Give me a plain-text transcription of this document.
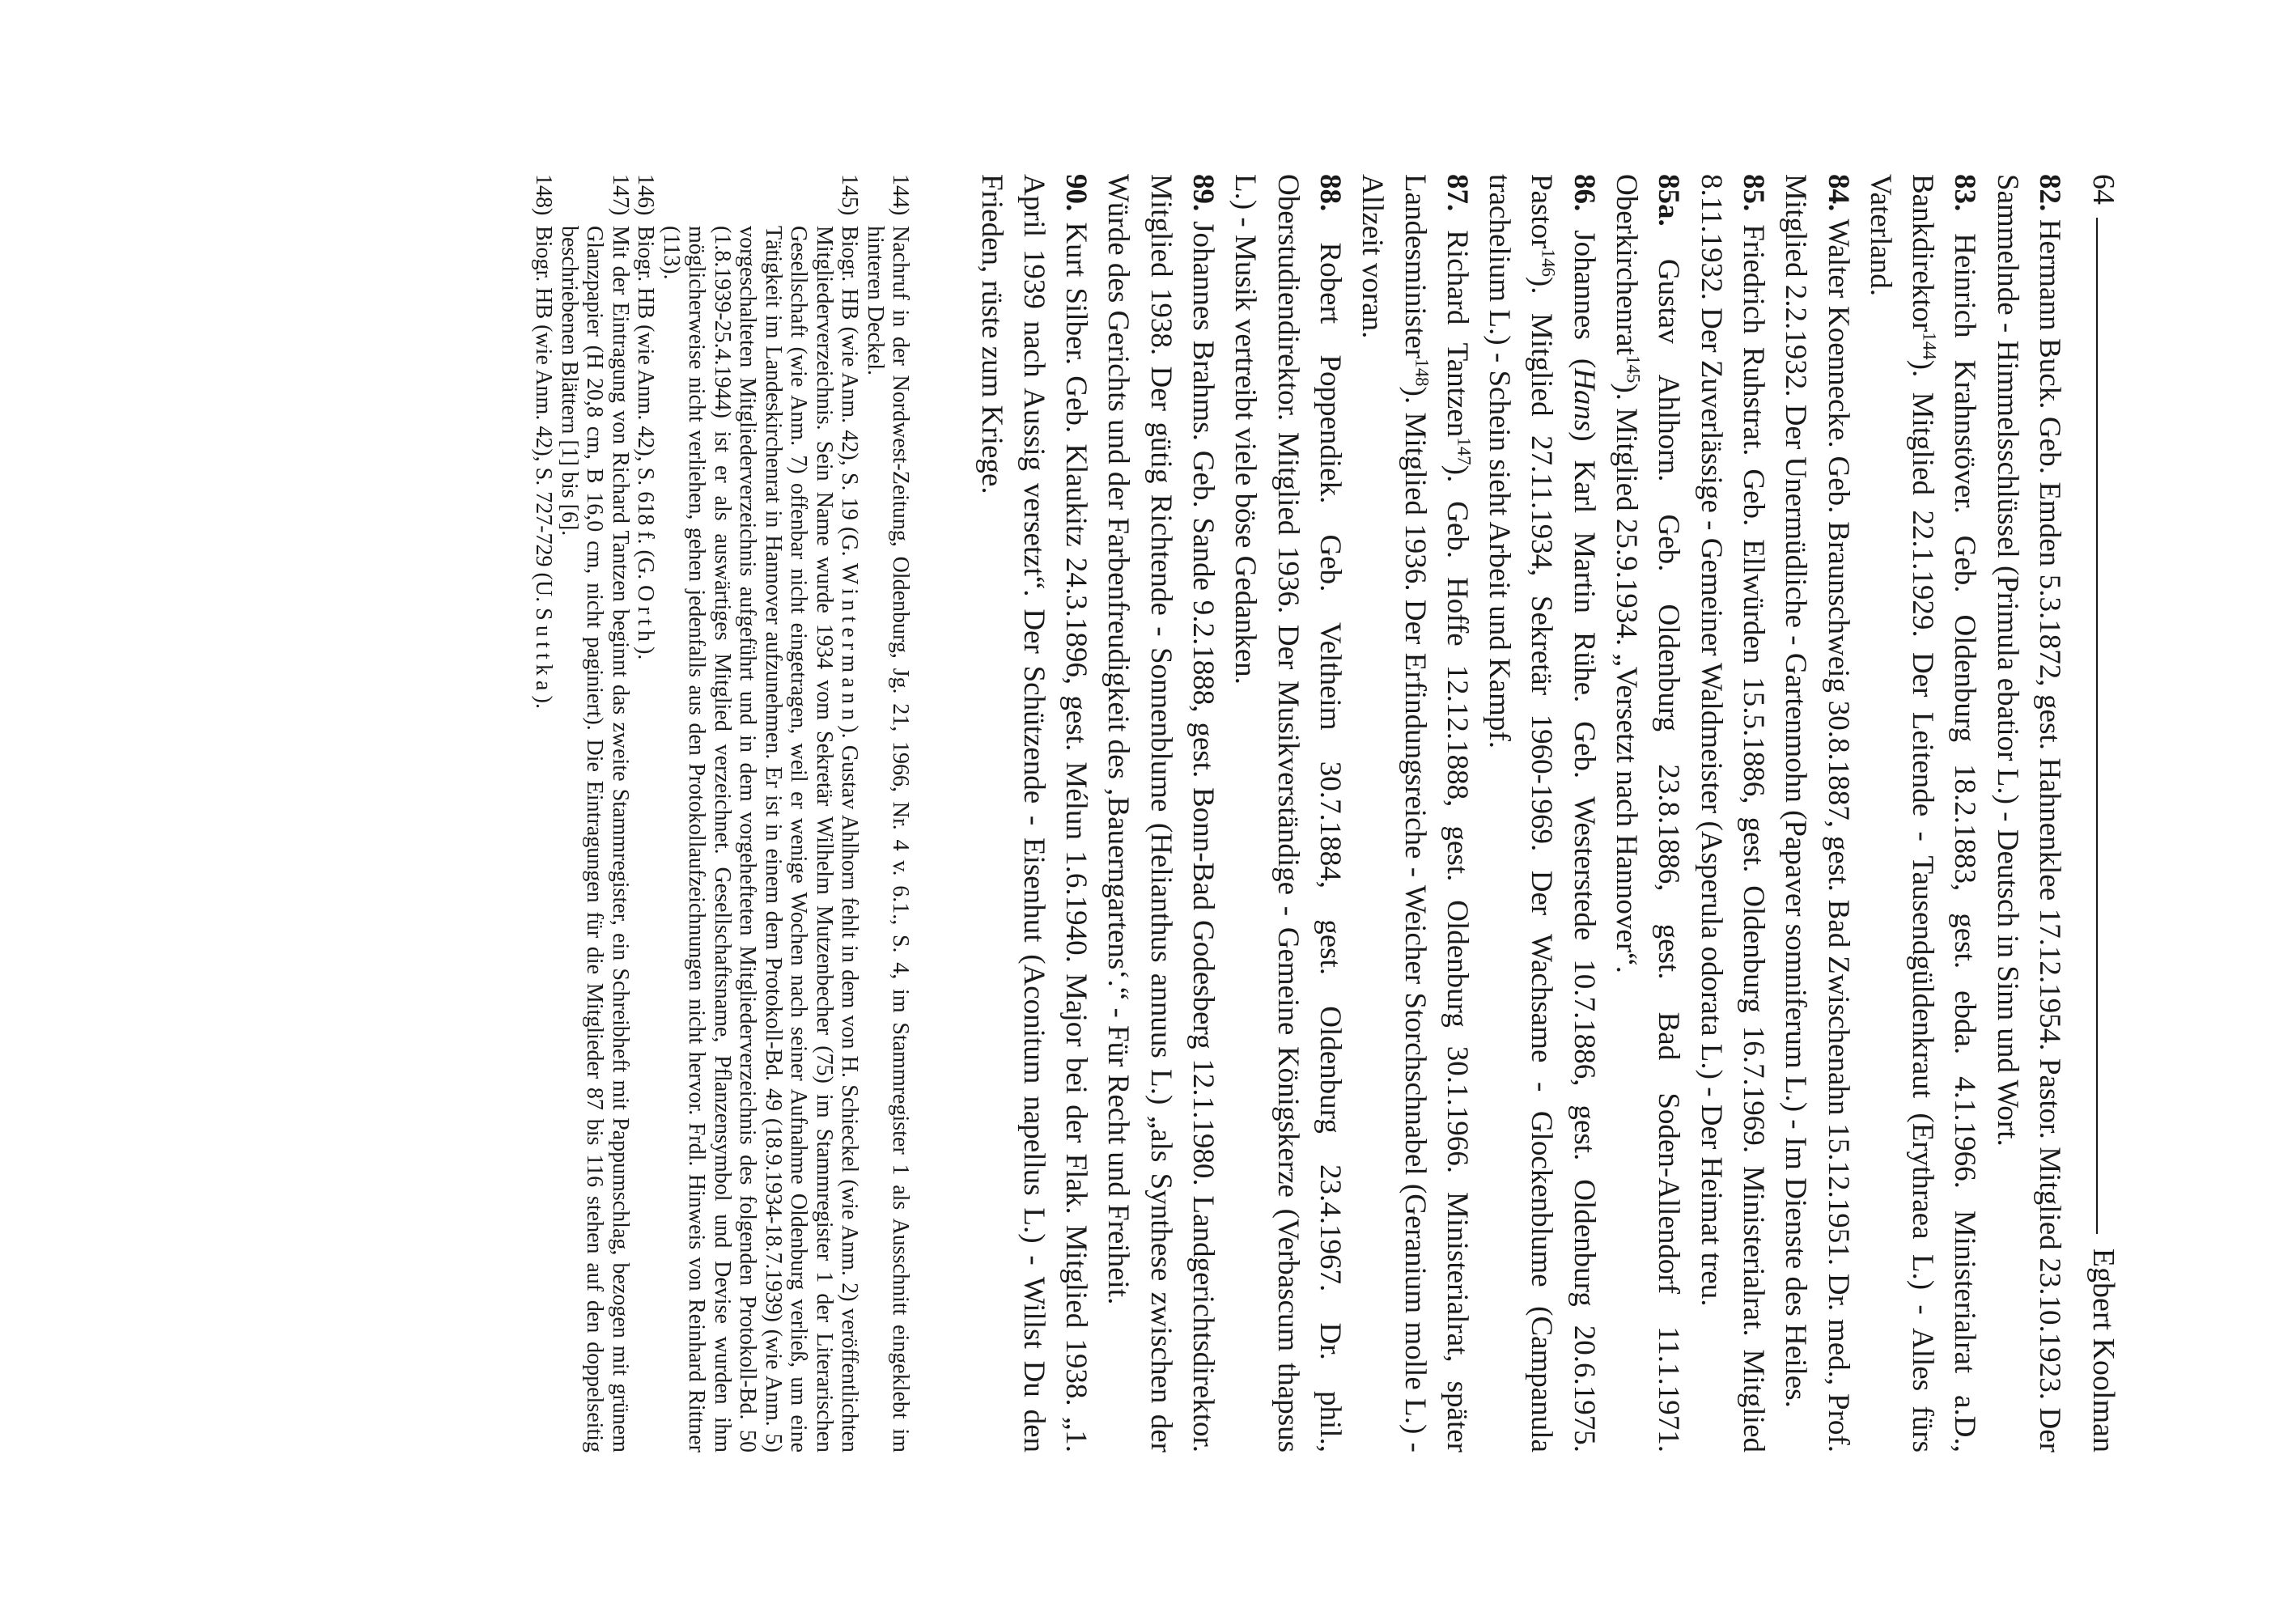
64
Egbert Koolman

82. Hermann Buck. Geb. Emden 5.3.1872, gest. Hahnenklee 17.12.1954. Pastor. Mitglied 23.10.1923. Der Sammelnde - Himmelsschlüssel (Primula ebatior L.) - Deutsch in Sinn und Wort.

83. Heinrich Krahnstöver. Geb. Oldenburg 18.2.1883, gest. ebda. 4.1.1966. Ministerialrat a.D., Bankdirektor$^{144}$). Mitglied 22.1.1929. Der Leitende - Tausendgüldenkraut (Erythraea L.) - Alles fürs Vaterland.

84. Walter Koennecke. Geb. Braunschweig 30.8.1887, gest. Bad Zwischenahn 15.12.1951. Dr. med., Prof. Mitglied 2.2.1932. Der Unermüdliche - Gartenmohn (Papaver somniferum L.) - Im Dienste des Heiles.

85. Friedrich Ruhstrat. Geb. Ellwürden 15.5.1886, gest. Oldenburg 16.7.1969. Ministerialrat. Mitglied 8.11.1932. Der Zuverlässige - Gemeiner Waldmeister (Asperula odorata L.) - Der Heimat treu.

85a. Gustav Ahlhorn. Geb. Oldenburg 23.8.1886, gest. Bad Soden-Allendorf 11.1.1971. Oberkirchenrat$^{145}$). Mitglied 25.9.1934. „Versetzt nach Hannover“.

86. Johannes (Hans) Karl Martin Rühe. Geb. Westerstede 10.7.1886, gest. Oldenburg 20.6.1975. Pastor$^{146}$). Mitglied 27.11.1934, Sekretär 1960-1969. Der Wachsame - Glockenblume (Campanula trachelium L.) - Schein sieht Arbeit und Kampf.

87. Richard Tantzen$^{147}$). Geb. Hoffe 12.12.1888, gest. Oldenburg 30.1.1966. Ministerialrat, später Landesminister$^{148}$). Mitglied 1936. Der Erfindungsreiche - Weicher Storchschnabel (Geranium molle L.) - Allzeit voran.

88. Robert Poppendiek. Geb. Veltheim 30.7.1884, gest. Oldenburg 23.4.1967. Dr. phil., Oberstudiendirektor. Mitglied 1936. Der Musikverständige - Gemeine Königskerze (Verbascum thapsus L.) - Musik vertreibt viele böse Gedanken.

89. Johannes Brahms. Geb. Sande 9.2.1888, gest. Bonn-Bad Godesberg 12.1.1980. Landgerichtsdirektor. Mitglied 1938. Der gütig Richtende - Sonnenblume (Helianthus annuus L.) „als Synthese zwischen der Würde des Gerichts und der Farbenfreudigkeit des ‚Bauerngartens‘.“ - Für Recht und Freiheit.

90. Kurt Silber. Geb. Klaukitz 24.3.1896, gest. Mélun 1.6.1940. Major bei der Flak. Mitglied 1938. „1. April 1939 nach Aussig versetzt“. Der Schützende - Eisenhut (Aconitum napellus L.) - Willst Du den Frieden, rüste zum Kriege.

144)
Nachruf in der Nordwest-Zeitung, Oldenburg, Jg. 21, 1966, Nr. 4 v. 6.1., S. 4, im Stammregister 1 als Ausschnitt eingeklebt im hinteren Deckel.
145)
Biogr. HB (wie Anm. 42), S. 19 (G. Wintermann). Gustav Ahlhorn fehlt in dem von H. Schieckel (wie Anm. 2) veröffentlichten Mitgliederverzeichnis. Sein Name wurde 1934 vom Sekretär Wilhelm Mutzenbecher (75) im Stammregister 1 der Literarischen Gesellschaft (wie Anm. 7) offenbar nicht eingetragen, weil er wenige Wochen nach seiner Aufnahme Oldenburg verließ, um eine Tätigkeit im Landeskirchenrat in Hannover aufzunehmen. Er ist in einem dem Protokoll-Bd. 49 (18.9.1934-18.7.1939) (wie Anm. 5) vorgeschalteten Mitgliederverzeichnis aufgeführt und in dem vorgehefteten Mitgliederverzeichnis des folgenden Protokoll-Bd. 50 (1.8.1939-25.4.1944) ist er als auswärtiges Mitglied verzeichnet. Gesellschaftsname, Pflanzensymbol und Devise wurden ihm möglicherweise nicht verliehen, gehen jedenfalls aus den Protokollaufzeichnungen nicht hervor. Frdl. Hinweis von Reinhard Rittner (113).
146)
Biogr. HB (wie Anm. 42), S. 618 f. (G. Orth).
147)
Mit der Eintragung von Richard Tantzen beginnt das zweite Stammregister, ein Schreibheft mit Pappumschlag, bezogen mit grünem Glanzpapier (H 20,8 cm, B 16,0 cm, nicht paginiert). Die Eintragungen für die Mitglieder 87 bis 116 stehen auf den doppelseitig beschriebenen Blättern [1] bis [6].
148)
Biogr. HB (wie Anm. 42), S. 727-729 (U. Suttka).
